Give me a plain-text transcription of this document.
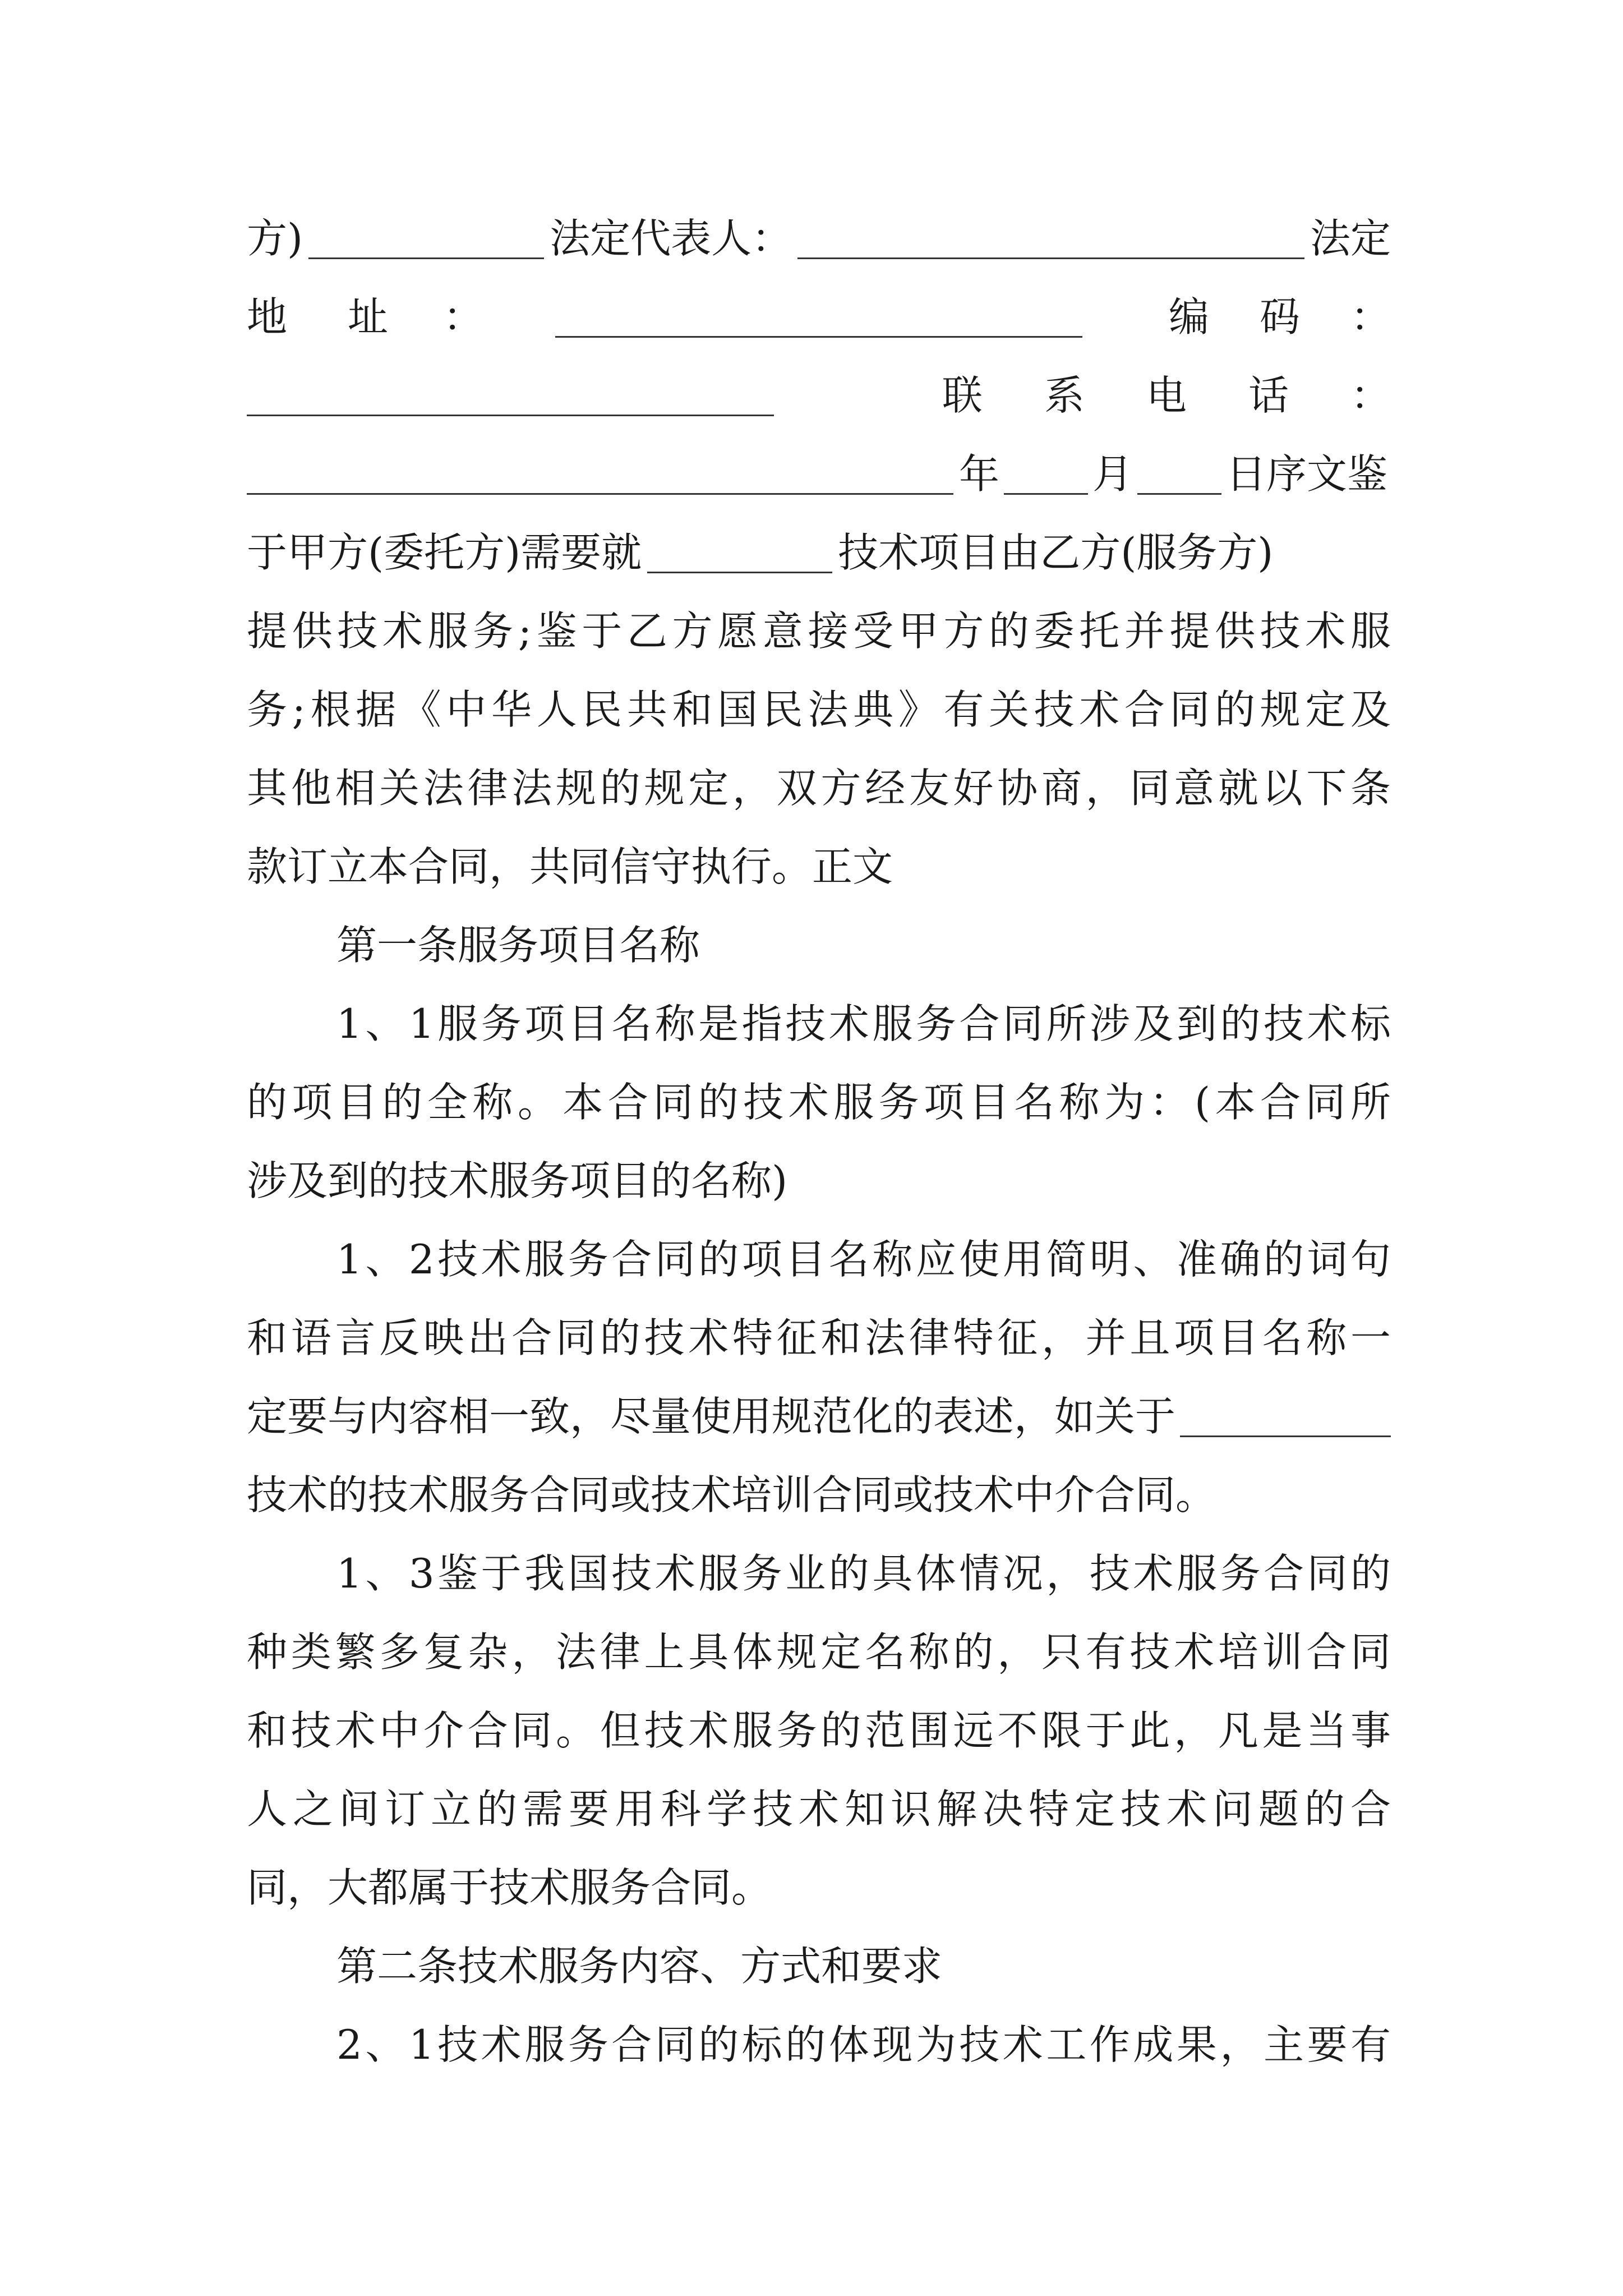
方)	法定代表人：	法定
地	址	：	编 码 ：
联 系 电 话 ：
年 月 日序文鉴
于甲方(委托方)需要就	技术项目由乙方(服务方)
提供技术服务;鉴于乙方愿意接受甲方的委托并提供技术服
务;根据《中华人民共和国民法典》有关技术合同的规定及
其他相关法律法规的规定，双方经友好协商，同意就以下条
款订立本合同，共同信守执行。正文
第一条服务项目名称
1、1服务项目名称是指技术服务合同所涉及到的技术标
的项目的全称。本合同的技术服务项目名称为：(本合同所
涉及到的技术服务项目的名称)
1、2技术服务合同的项目名称应使用简明、准确的词句
和语言反映出合同的技术特征和法律特征，并且项目名称一
定要与内容相一致，尽量使用规范化的表述，如关于
技术的技术服务合同或技术培训合同或技术中介合同。
1、3鉴于我国技术服务业的具体情况，技术服务合同的
种类繁多复杂，法律上具体规定名称的，只有技术培训合同
和技术中介合同。但技术服务的范围远不限于此，凡是当事
人之间订立的需要用科学技术知识解决特定技术问题的合
同，大都属于技术服务合同。
第二条技术服务内容、方式和要求
2、1技术服务合同的标的体现为技术工作成果，主要有
